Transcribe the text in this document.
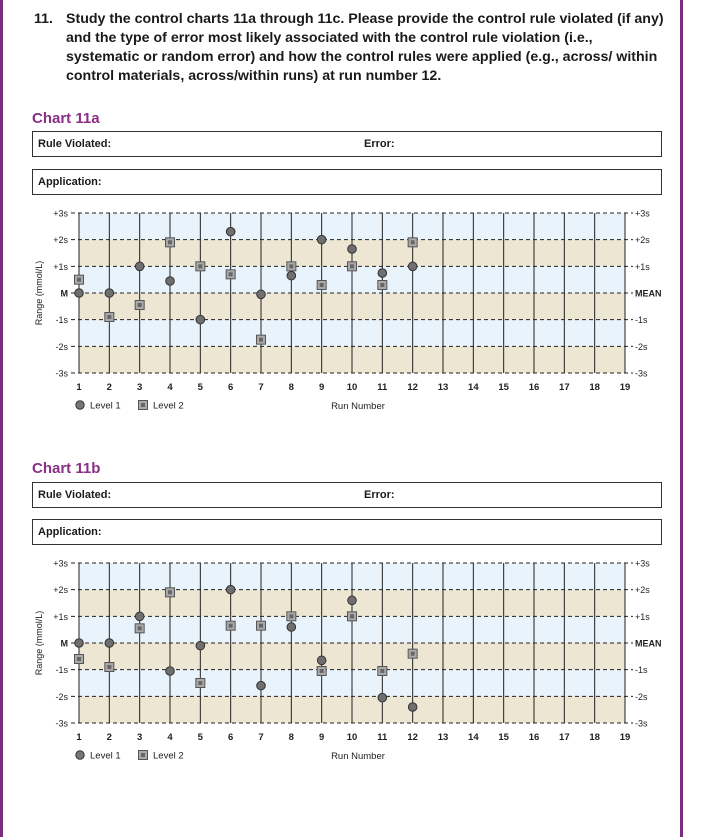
11. Study the control charts 11a through 11c. Please provide the control rule violated (if any) and the type of error most likely associated with the control rule violation (i.e., systematic or random error) and how the control rules were applied (e.g., across/ within control materials, across/within runs) at run number 12.
Chart 11a
Rule Violated:	Error:
Application:
+3s	+3s
+2s	+2s
+1s	+1s
M	MEAN
-1s	-1s
-2s	-2s
-3s	-3s
Range (mmol/L)
1	2	3	4	5	6	7	8	9 10 11 12 13 14 15 16 17 18 19
Run Number
Level 1	Level 2
Chart 11b
Rule Violated:	Error:
Application:
+3s	+3s
+2s	+2s
+1s	+1s
M	MEAN
-1s	-1s
-2s	-2s
-3s	-3s
Range (mmol/L)
1	2	3	4	5	6	7	8	9 10 11 12 13 14 15 16 17 18 19
Run Number
Level 1	Level 2
